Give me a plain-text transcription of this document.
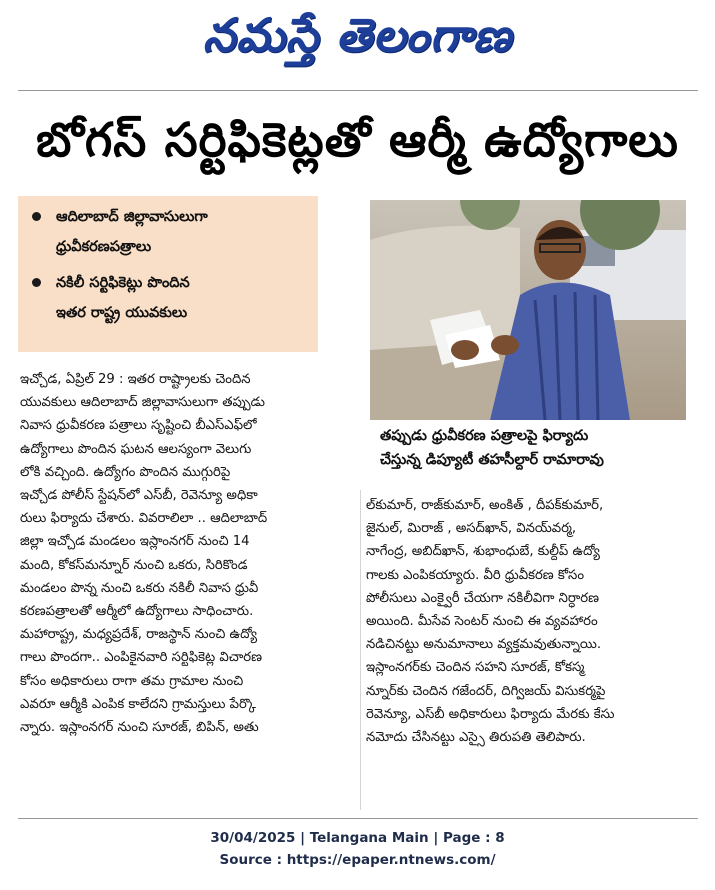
నమస్తే తెలంగాణ
బోగస్ సర్టిఫికెట్లతో ఆర్మీ ఉద్యోగాలు
ఆదిలాబాద్ జిల్లావాసులుగా
ధ్రువీకరణపత్రాలు
నకిలీ సర్టిఫికెట్లు పొందిన
ఇతర రాష్ట్ర యువకులు
తప్పుడు ధ్రువీకరణ పత్రాలపై ఫిర్యాదు
చేస్తున్న డిప్యూటీ తహసీల్దార్ రామారావు
ఇచ్చోడ, ఏప్రిల్ 29 : ఇతర రాష్ట్రాలకు చెందిన
యువకులు ఆదిలాబాద్ జిల్లావాసులుగా తప్పుడు
నివాస ధ్రువీకరణ పత్రాలు సృష్టించి బీఎస్ఎఫ్‌లో
ఉద్యోగాలు పొందిన ఘటన ఆలస్యంగా వెలుగు
లోకి వచ్చింది. ఉద్యోగం పొందిన ముగ్గురిపై
ఇచ్చోడ పోలీస్ స్టేషన్‌లో ఎస్‌బీ, రెవెన్యూ అధికా
రులు ఫిర్యాదు చేశారు. వివరాలిలా .. ఆదిలాబాద్
జిల్లా ఇచ్చోడ మండలం ఇస్లాంనగర్ నుంచి 14
మంది, కోకస్‌మన్నూర్ నుంచి ఒకరు, సిరికొండ
మండలం పొన్న నుంచి ఒకరు నకిలీ నివాస ధ్రువీ
కరణపత్రాలతో ఆర్మీలో ఉద్యోగాలు సాధించారు.
మహారాష్ట్ర, మధ్యప్రదేశ్, రాజస్థాన్ నుంచి ఉద్యో
గాలు పొందగా.. ఎంపికైనవారి సర్టిఫికెట్ల విచారణ
కోసం అధికారులు రాగా తమ గ్రామాల నుంచి
ఎవరూ ఆర్మీకి ఎంపిక కాలేదని గ్రామస్తులు పేర్కొ
న్నారు. ఇస్లాంనగర్ నుంచి సూరజ్, బిపిన్, అతు
ల్‌కుమార్, రాజ్‌కుమార్, అంకిత్ , దీపక్‌కుమార్,
జైనుల్, మిరాజ్ , అసద్‌ఖాన్, వినయ్‌వర్మ,
నాగేంద్ర, అబిద్‌ఖాన్, శుభాంధుబే, కుల్దీప్ ఉద్యో
గాలకు ఎంపికయ్యారు. వీరి ధ్రువీకరణ కోసం
పోలీసులు ఎంక్వైరీ చేయగా నకిలీవిగా నిర్ధారణ
అయింది. మీసేవ సెంటర్ నుంచి ఈ వ్యవహారం
నడిచినట్టు అనుమానాలు వ్యక్తమవుతున్నాయి.
ఇస్లాంనగర్‌కు చెందిన సహని సూరజ్, కోకస్మ
న్నూర్‌కు చెందిన గజేందర్, దిగ్విజయ్ విసుకర్మపై
రెవెన్యూ, ఎస్‌బీ అధికారులు ఫిర్యాదు మేరకు కేసు
నమోదు చేసినట్టు ఎస్సై తిరుపతి తెలిపారు.
30/04/2025 | Telangana Main | Page : 8
Source : https://epaper.ntnews.com/
